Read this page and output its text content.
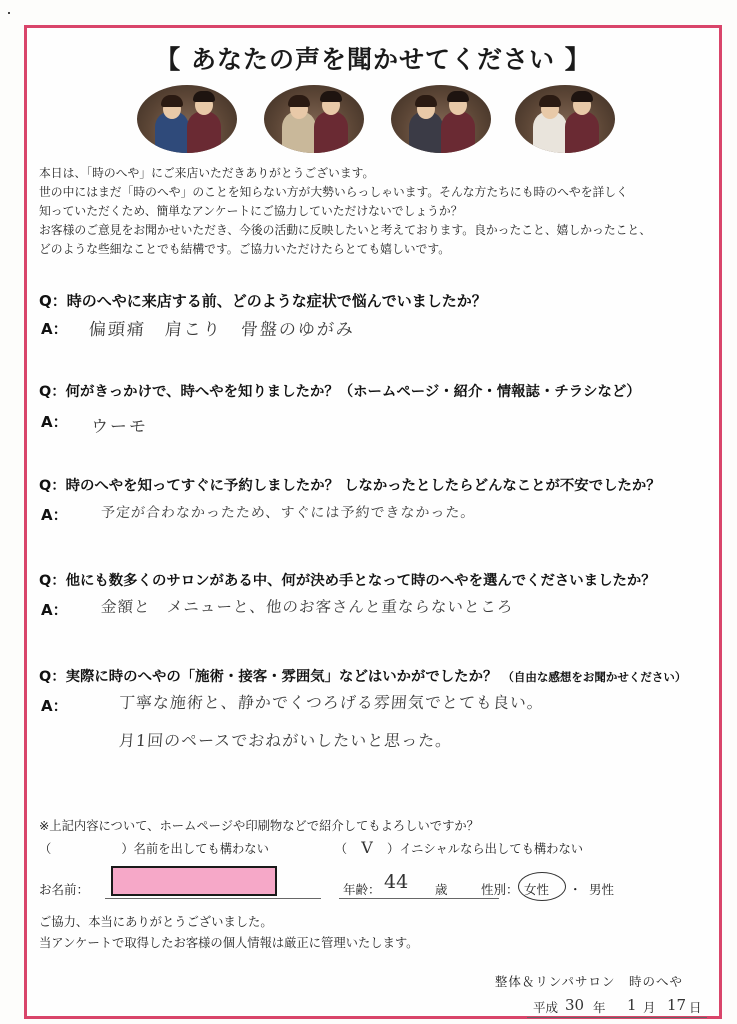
【 あなたの声を聞かせてください 】

本日は、「時のへや」にご来店いただきありがとうございます。

世の中にはまだ「時のへや」のことを知らない方が大勢いらっしゃいます。そんな方たちにも時のへやを詳しく

知っていただくため、簡単なアンケートにご協力していただけないでしょうか？

お客様のご意見をお聞かせいただき、今後の活動に反映したいと考えております。良かったこと、嬉しかったこと、

どのような些細なことでも結構です。ご協力いただけたらとても嬉しいです。

Q：時のへやに来店する前、どのような症状で悩んでいましたか？
A： 偏頭痛　肩こり　骨盤のゆがみ
Q：何がきっかけで、時へやを知りましたか？（ホームページ・紹介・情報誌・チラシなど）
A： ウーモ
Q：時のへやを知ってすぐに予約しましたか？ しなかったとしたらどんなことが不安でしたか？
A： 予定が合わなかったため、すぐには予約できなかった。
Q：他にも数多くのサロンがある中、何が決め手となって時のへやを選んでくださいましたか？
A： 金額と　メニューと、他のお客さんと重ならないところ
Q：実際に時のへやの「施術・接客・雰囲気」などはいかがでしたか？ （自由な感想をお聞かせください）
A：	丁寧な施術と、静かでくつろげる雰囲気でとても良い。
月1回のペースでおねがいしたいと思った。
※上記内容について、ホームページや印刷物などで紹介してもよろしいですか？
（	）名前を出しても構わない	（ V ）イニシャルなら出しても構わない
お名前：	年齢： 44 歳	性別： 女性 ・ 男性
ご協力、本当にありがとうございました。
当アンケートで取得したお客様の個人情報は厳正に管理いたします。
整体＆リンパサロン　時のへや
平成 30 年 1 月 17 日
